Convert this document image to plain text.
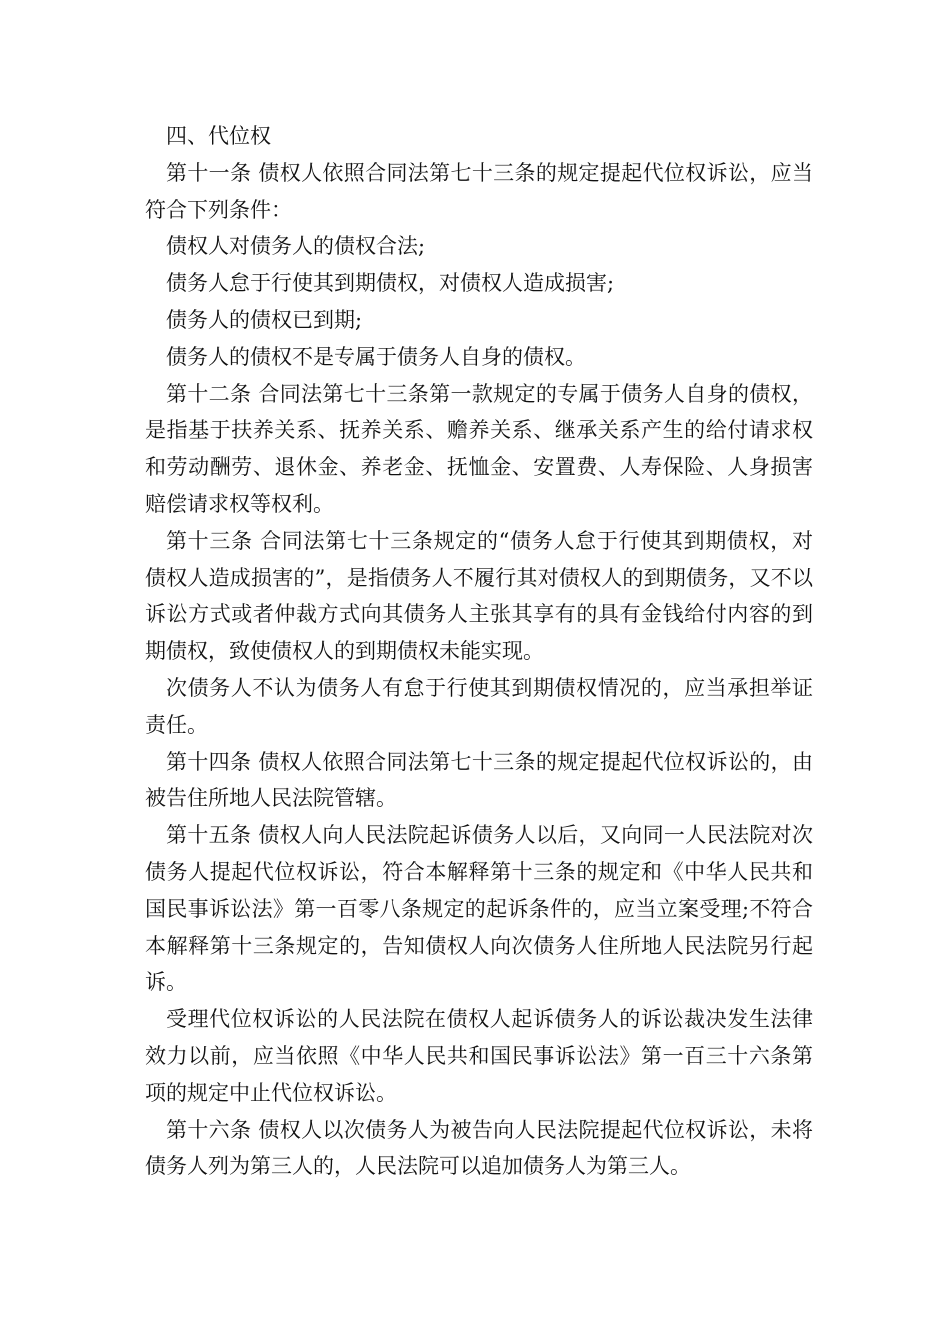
四、代位权

第十一条 债权人依照合同法第七十三条的规定提起代位权诉讼，应当符合下列条件：

债权人对债务人的债权合法;

债务人怠于行使其到期债权，对债权人造成损害;

债务人的债权已到期;

债务人的债权不是专属于债务人自身的债权。

第十二条 合同法第七十三条第一款规定的专属于债务人自身的债权，是指基于扶养关系、抚养关系、赡养关系、继承关系产生的给付请求权和劳动酬劳、退休金、养老金、抚恤金、安置费、人寿保险、人身损害赔偿请求权等权利。

第十三条 合同法第七十三条规定的“债务人怠于行使其到期债权，对债权人造成损害的”，是指债务人不履行其对债权人的到期债务，又不以诉讼方式或者仲裁方式向其债务人主张其享有的具有金钱给付内容的到期债权，致使债权人的到期债权未能实现。

次债务人不认为债务人有怠于行使其到期债权情况的，应当承担举证责任。

第十四条 债权人依照合同法第七十三条的规定提起代位权诉讼的，由被告住所地人民法院管辖。

第十五条 债权人向人民法院起诉债务人以后，又向同一人民法院对次债务人提起代位权诉讼，符合本解释第十三条的规定和《中华人民共和国民事诉讼法》第一百零八条规定的起诉条件的，应当立案受理;不符合本解释第十三条规定的，告知债权人向次债务人住所地人民法院另行起诉。

受理代位权诉讼的人民法院在债权人起诉债务人的诉讼裁决发生法律效力以前，应当依照《中华人民共和国民事诉讼法》第一百三十六条第项的规定中止代位权诉讼。

第十六条 债权人以次债务人为被告向人民法院提起代位权诉讼，未将债务人列为第三人的，人民法院可以追加债务人为第三人。
